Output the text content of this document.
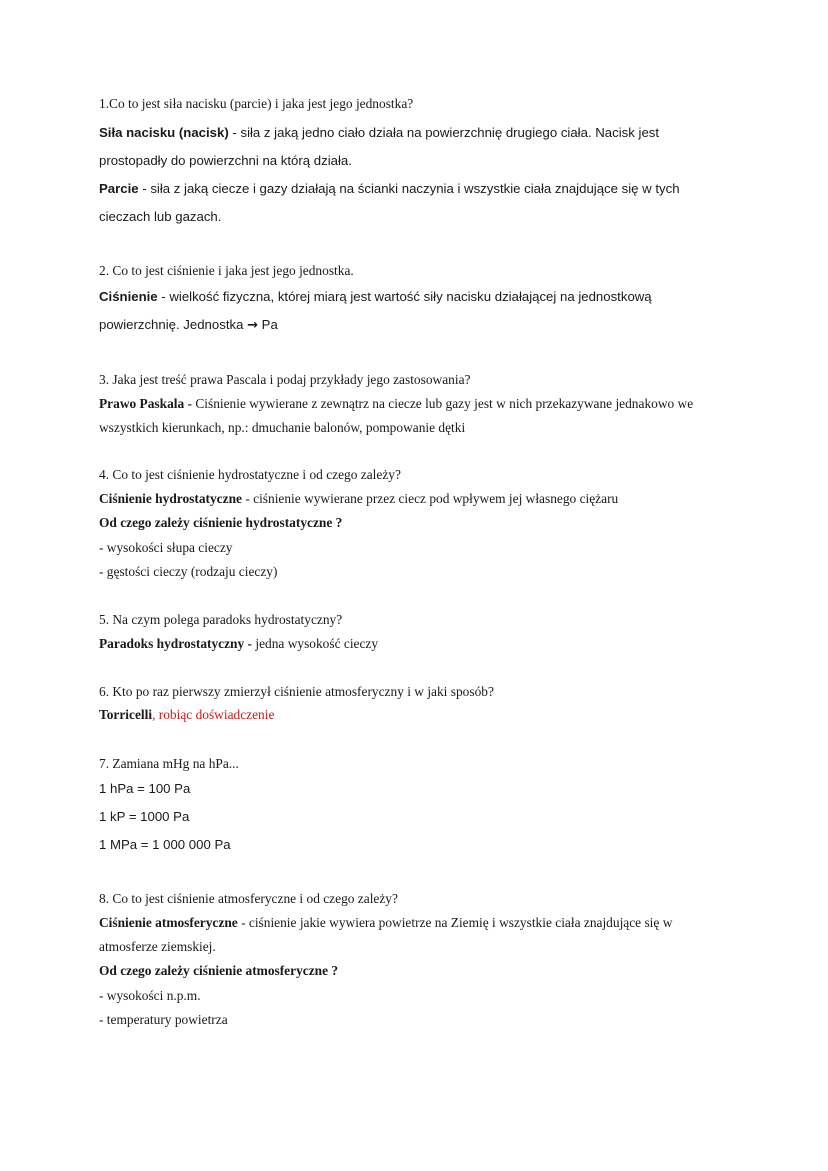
1.Co to jest siła nacisku (parcie) i jaka jest jego jednostka?
Siła nacisku (nacisk) - siła z jaką jedno ciało działa na powierzchnię drugiego ciała. Nacisk jest
prostopadły do powierzchni na którą działa.
Parcie - siła z jaką ciecze i gazy działają na ścianki naczynia i wszystkie ciała znajdujące się w tych
cieczach lub gazach.
2. Co to jest ciśnienie i jaka jest jego jednostka.
Ciśnienie - wielkość fizyczna, której miarą jest wartość siły nacisku działającej na jednostkową
powierzchnię. Jednostka → Pa
3. Jaka jest treść prawa Pascala i podaj przykłady jego zastosowania?
Prawo Paskala - Ciśnienie wywierane z zewnątrz na ciecze lub gazy jest w nich przekazywane jednakowo we
wszystkich kierunkach, np.: dmuchanie balonów, pompowanie dętki
4. Co to jest ciśnienie hydrostatyczne i od czego zależy?
Ciśnienie hydrostatyczne - ciśnienie wywierane przez ciecz pod wpływem jej własnego ciężaru
Od czego zależy ciśnienie hydrostatyczne ?
- wysokości słupa cieczy
- gęstości cieczy (rodzaju cieczy)
5. Na czym polega paradoks hydrostatyczny?
Paradoks hydrostatyczny - jedna wysokość cieczy
6. Kto po raz pierwszy zmierzył ciśnienie atmosferyczny i w jaki sposób?
Torricelli, robiąc doświadczenie
7. Zamiana mHg na hPa...
1 hPa = 100 Pa
1 kP = 1000 Pa
1 MPa = 1 000 000 Pa
8. Co to jest ciśnienie atmosferyczne i od czego zależy?
Ciśnienie atmosferyczne - ciśnienie jakie wywiera powietrze na Ziemię i wszystkie ciała znajdujące się w
atmosferze ziemskiej.
Od czego zależy ciśnienie atmosferyczne ?
- wysokości n.p.m.
- temperatury powietrza
